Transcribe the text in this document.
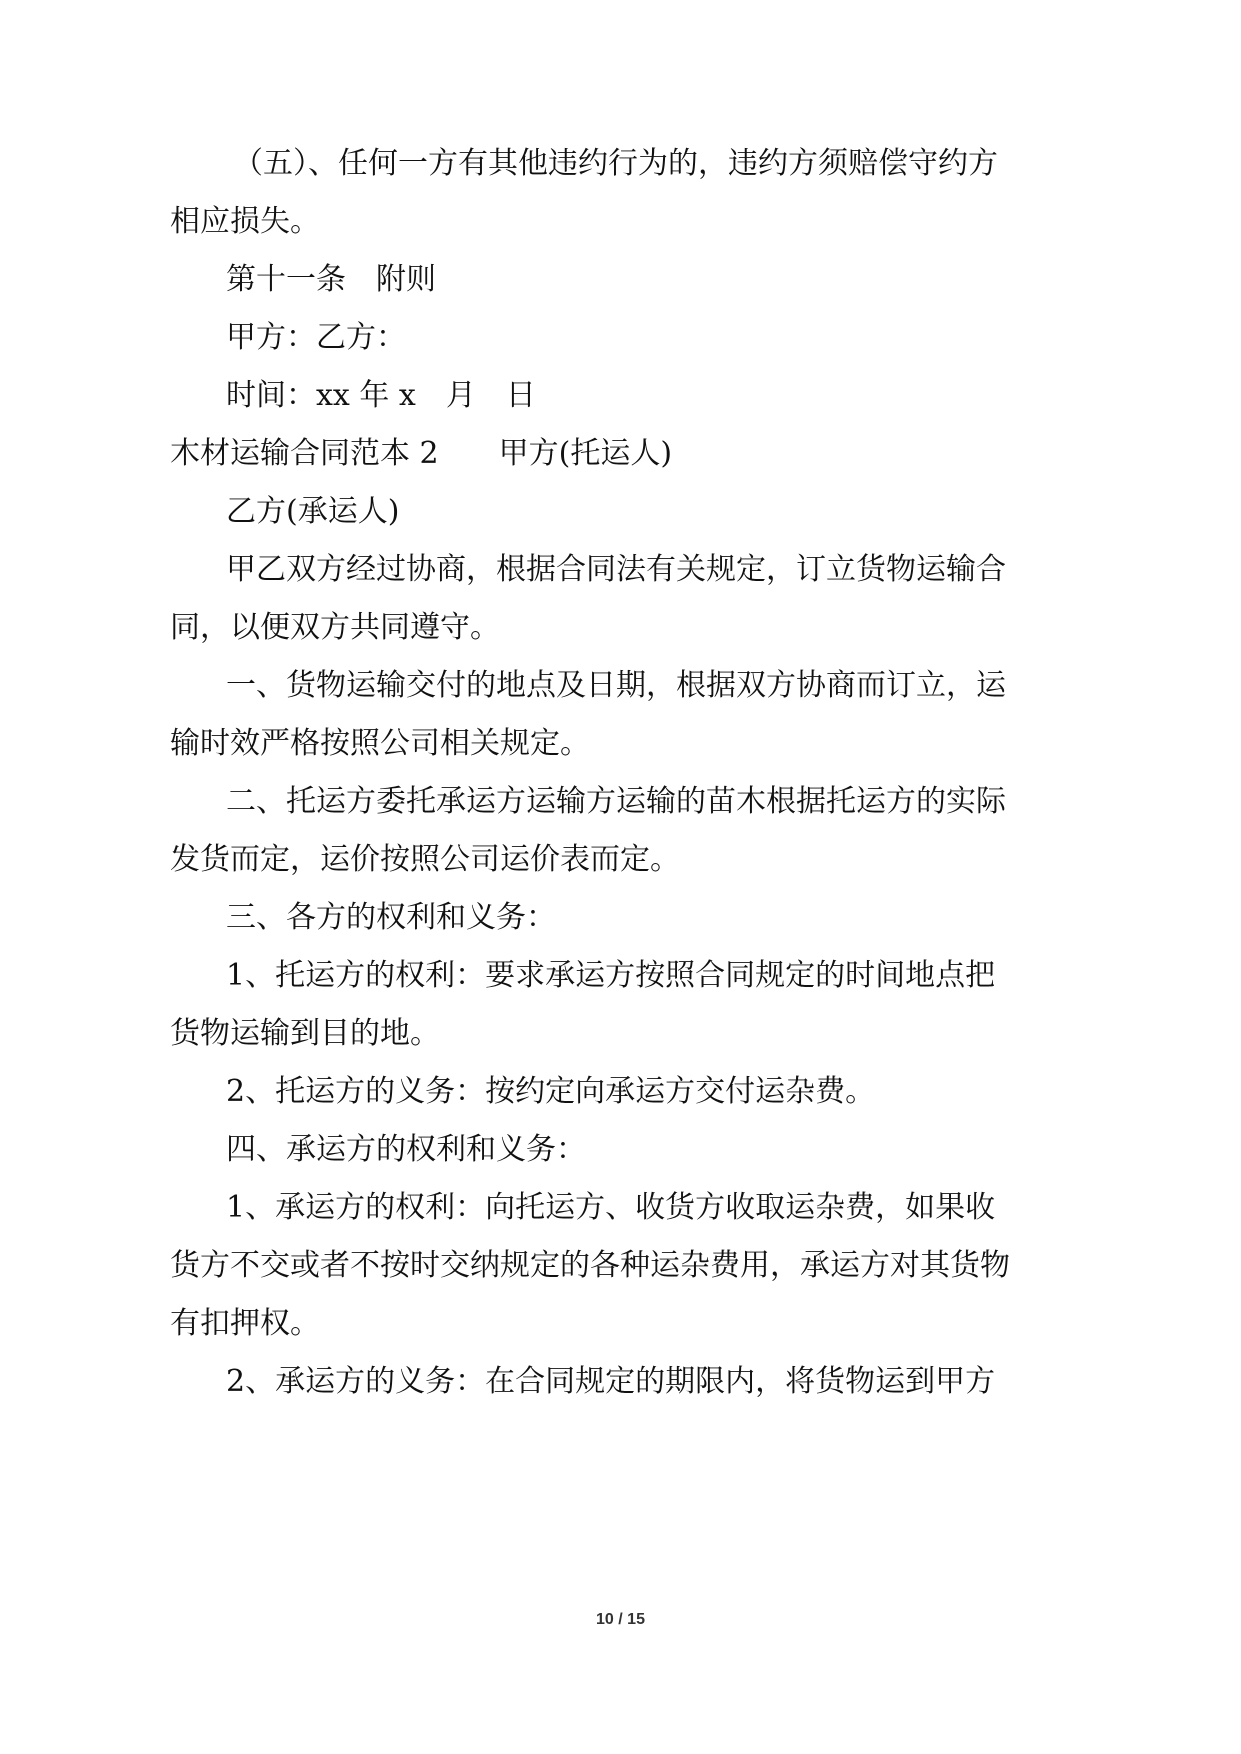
（五）、任何一方有其他违约行为的，违约方须赔偿守约方

相应损失。

第十一条　附则

甲方：乙方：

时间：xx 年 x　月　日

木材运输合同范本 2　　甲方(托运人)

乙方(承运人)

甲乙双方经过协商，根据合同法有关规定，订立货物运输合

同，以便双方共同遵守。

一、货物运输交付的地点及日期，根据双方协商而订立，运

输时效严格按照公司相关规定。

二、托运方委托承运方运输方运输的苗木根据托运方的实际

发货而定，运价按照公司运价表而定。

三、各方的权利和义务：

1、托运方的权利：要求承运方按照合同规定的时间地点把

货物运输到目的地。

2、托运方的义务：按约定向承运方交付运杂费。

四、承运方的权利和义务：

1、承运方的权利：向托运方、收货方收取运杂费，如果收

货方不交或者不按时交纳规定的各种运杂费用，承运方对其货物

有扣押权。

2、承运方的义务：在合同规定的期限内，将货物运到甲方

10 / 15
